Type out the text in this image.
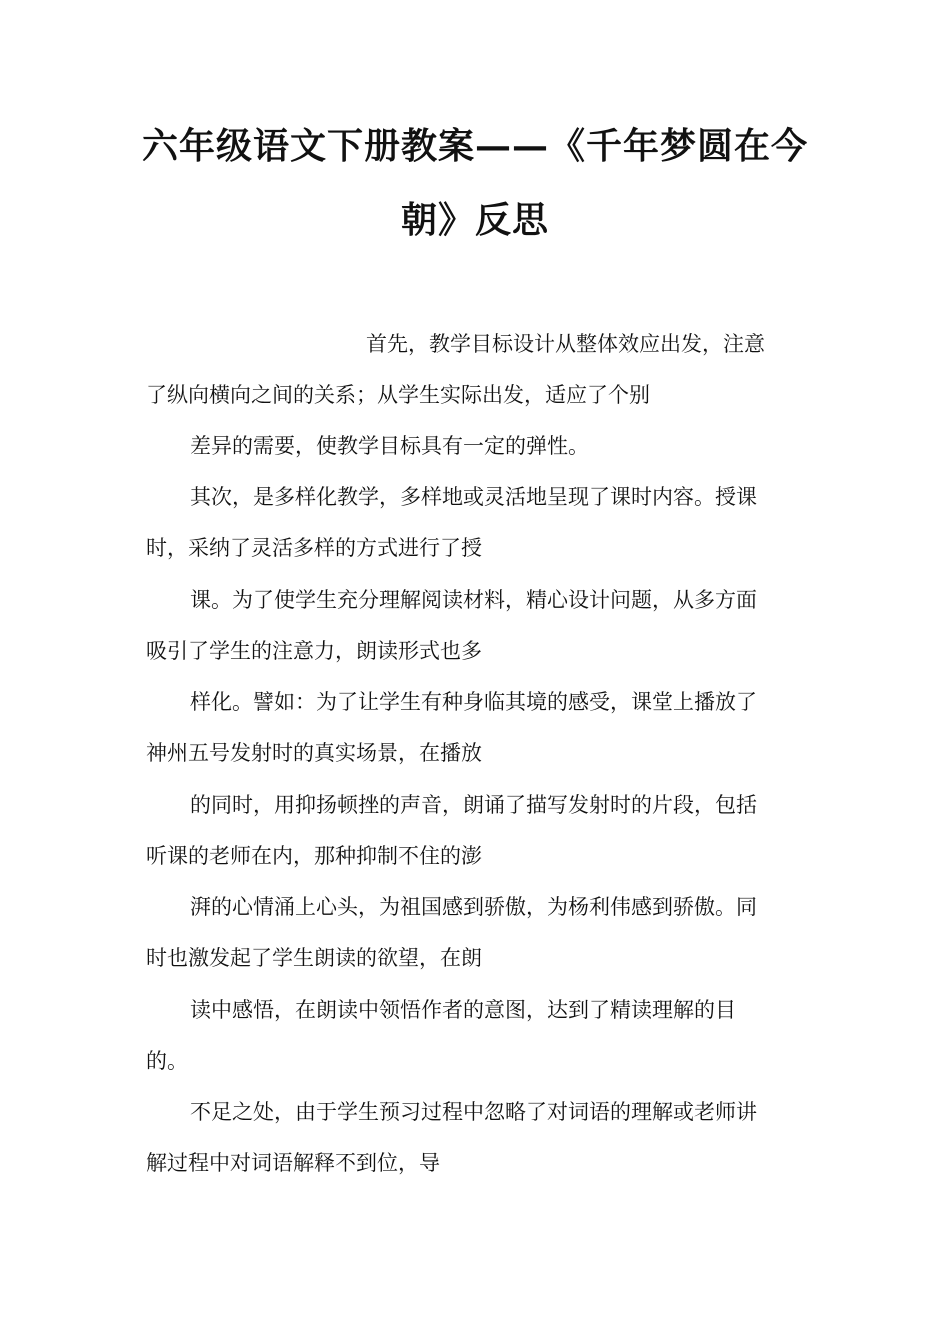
六年级语文下册教案——《千年梦圆在今
朝》反思

首先，教学目标设计从整体效应出发，注意

了纵向横向之间的关系；从学生实际出发，适应了个别

差异的需要，使教学目标具有一定的弹性。

其次，是多样化教学，多样地或灵活地呈现了课时内容。授课

时，采纳了灵活多样的方式进行了授

课。为了使学生充分理解阅读材料，精心设计问题，从多方面

吸引了学生的注意力，朗读形式也多

样化。譬如：为了让学生有种身临其境的感受，课堂上播放了

神州五号发射时的真实场景，在播放

的同时，用抑扬顿挫的声音，朗诵了描写发射时的片段，包括

听课的老师在内，那种抑制不住的澎

湃的心情涌上心头，为祖国感到骄傲，为杨利伟感到骄傲。同

时也激发起了学生朗读的欲望，在朗

读中感悟，在朗读中领悟作者的意图，达到了精读理解的目

的。

不足之处，由于学生预习过程中忽略了对词语的理解或老师讲

解过程中对词语解释不到位，导
